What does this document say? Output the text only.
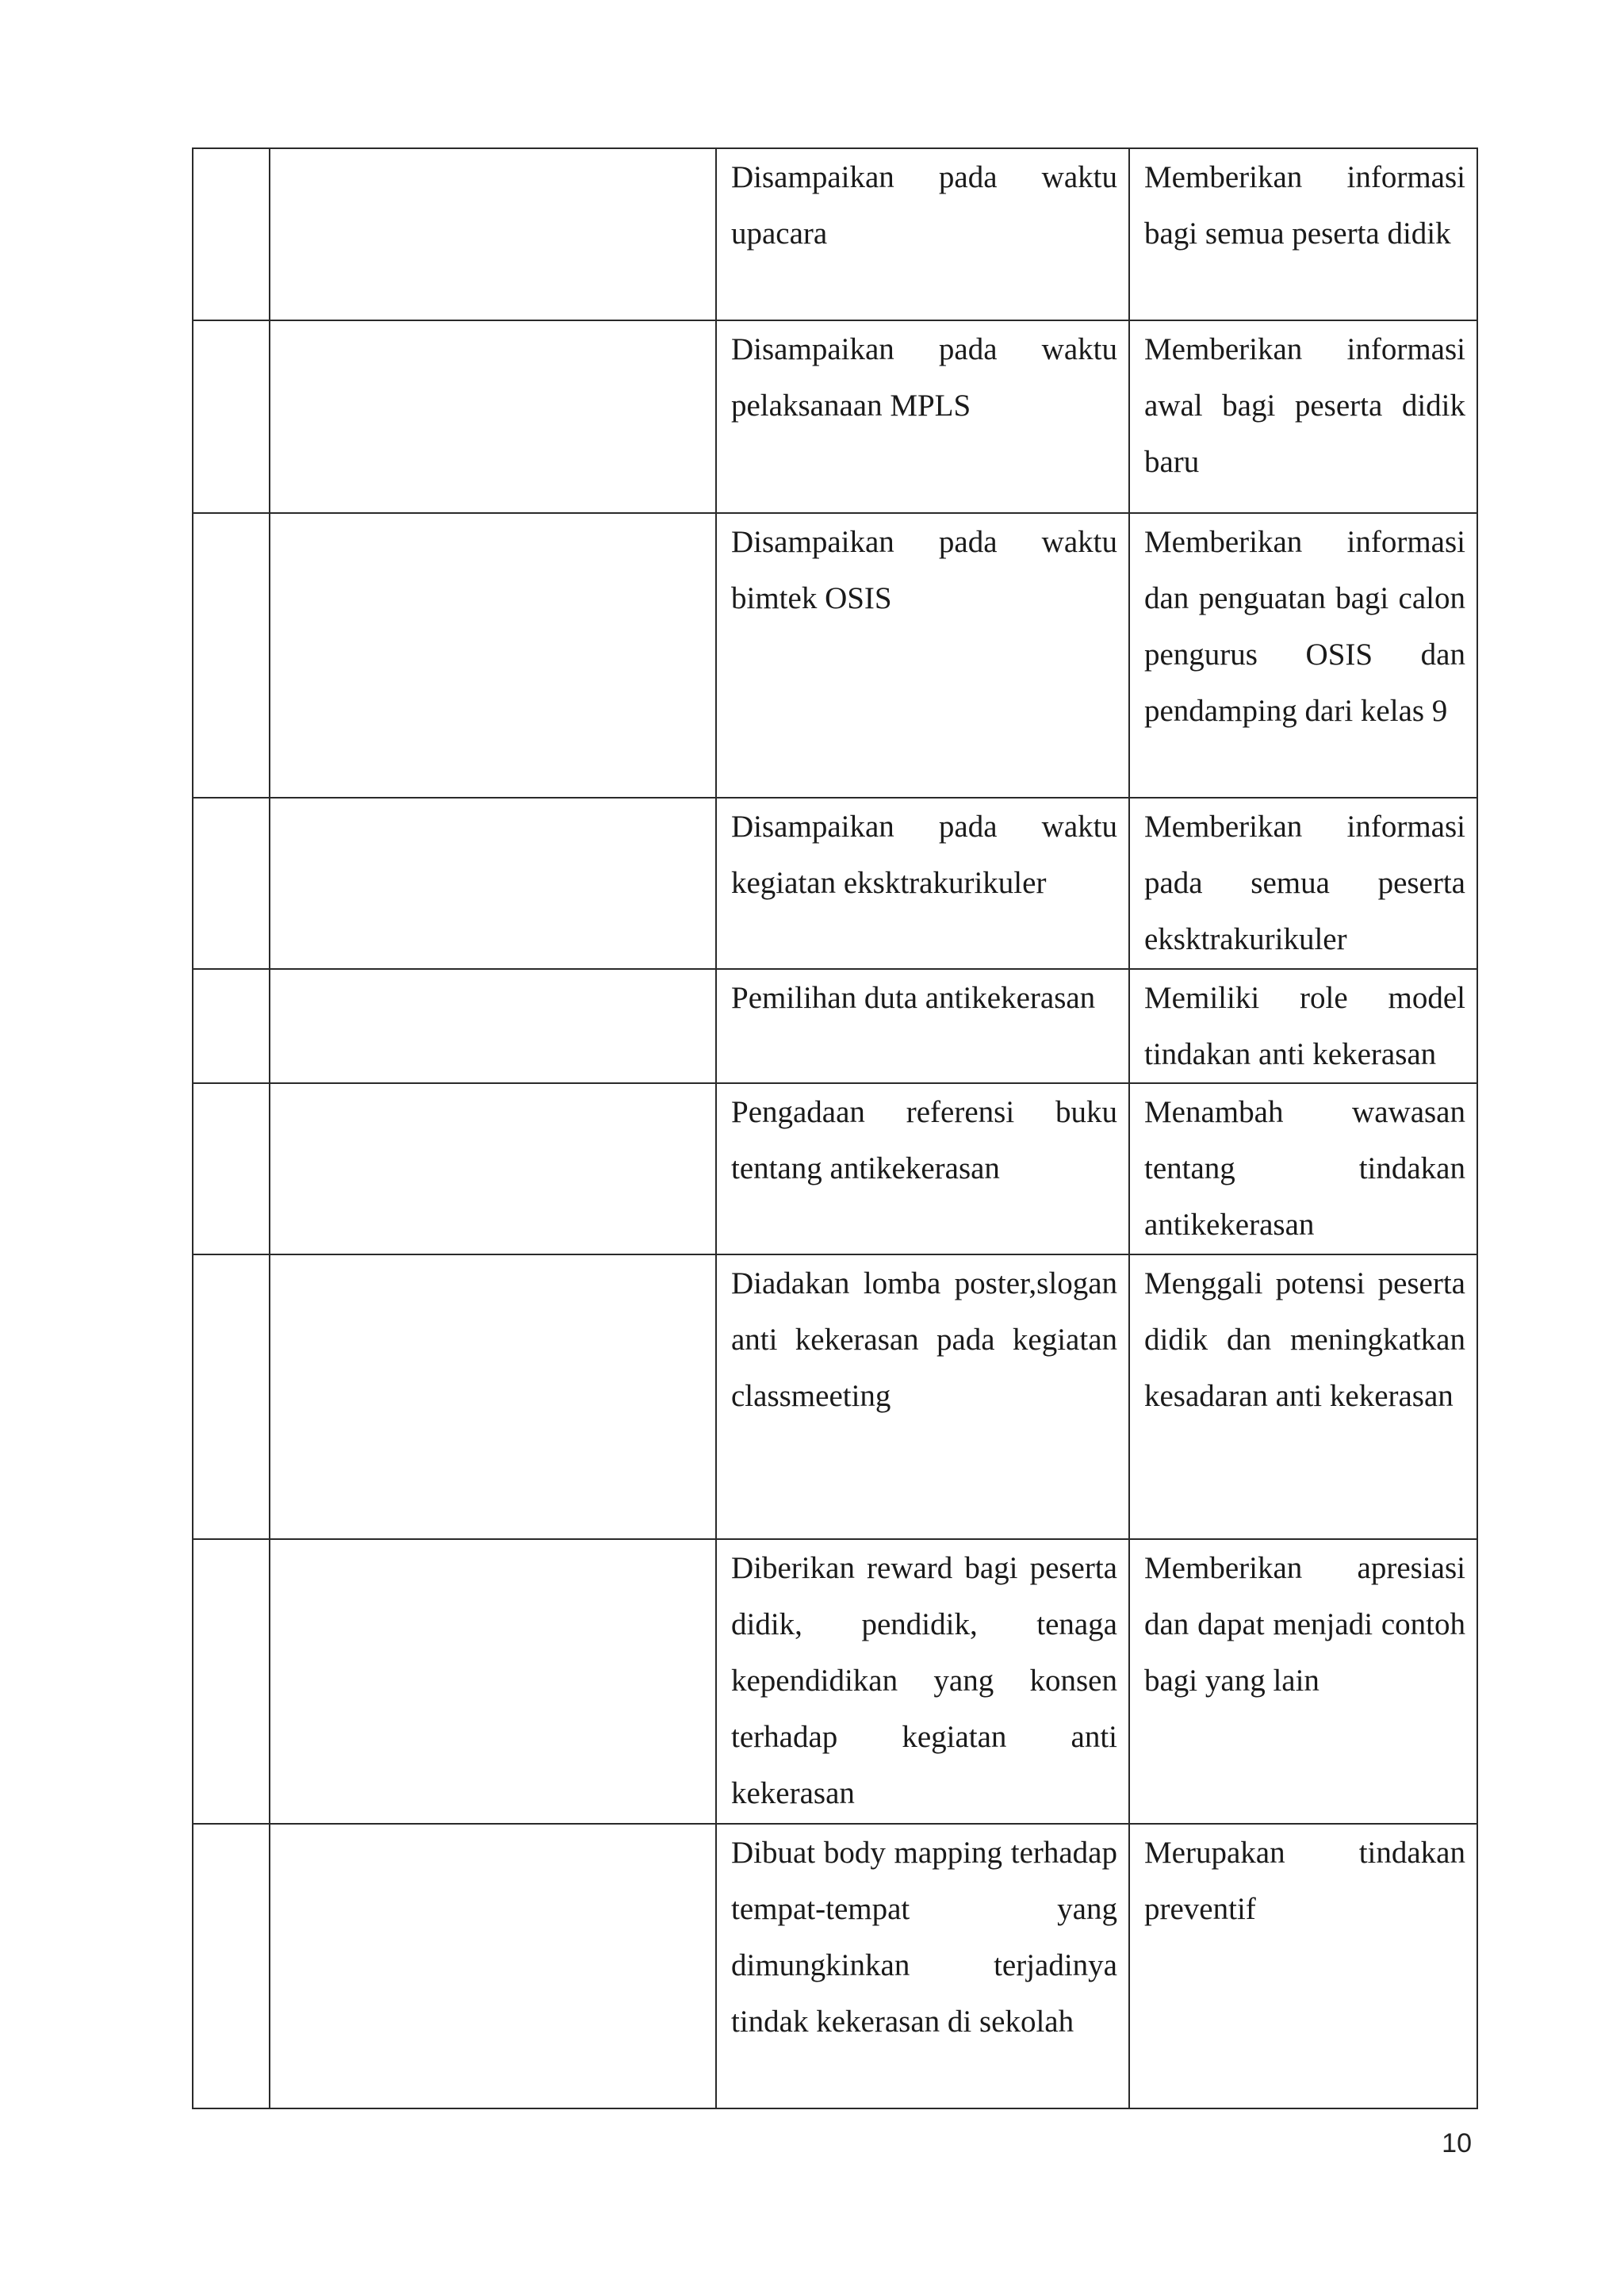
		Disampaikan pada waktu upacara	Memberikan informasi bagi semua peserta didik

		Disampaikan pada waktu pelaksanaan MPLS	Memberikan informasi awal bagi peserta didik baru

		Disampaikan pada waktu bimtek OSIS	Memberikan informasi dan penguatan bagi calon pengurus OSIS dan pendamping dari kelas 9

		Disampaikan pada waktu kegiatan eksktrakurikuler	Memberikan informasi pada semua peserta eksktrakurikuler

		Pemilihan duta antikekerasan	Memiliki role model tindakan anti kekerasan

		Pengadaan referensi buku tentang antikekerasan	Menambah wawasan tentang tindakan antikekerasan

		Diadakan lomba poster,slogan anti kekerasan pada kegiatan classmeeting	Menggali potensi peserta didik dan meningkatkan kesadaran anti kekerasan

		Diberikan reward bagi peserta didik, pendidik, tenaga kependidikan yang konsen terhadap kegiatan anti kekerasan	Memberikan apresiasi dan dapat menjadi contoh bagi yang lain

		Dibuat body mapping terhadap tempat-tempat yang dimungkinkan terjadinya tindak kekerasan di sekolah	Merupakan tindakan preventif
10
